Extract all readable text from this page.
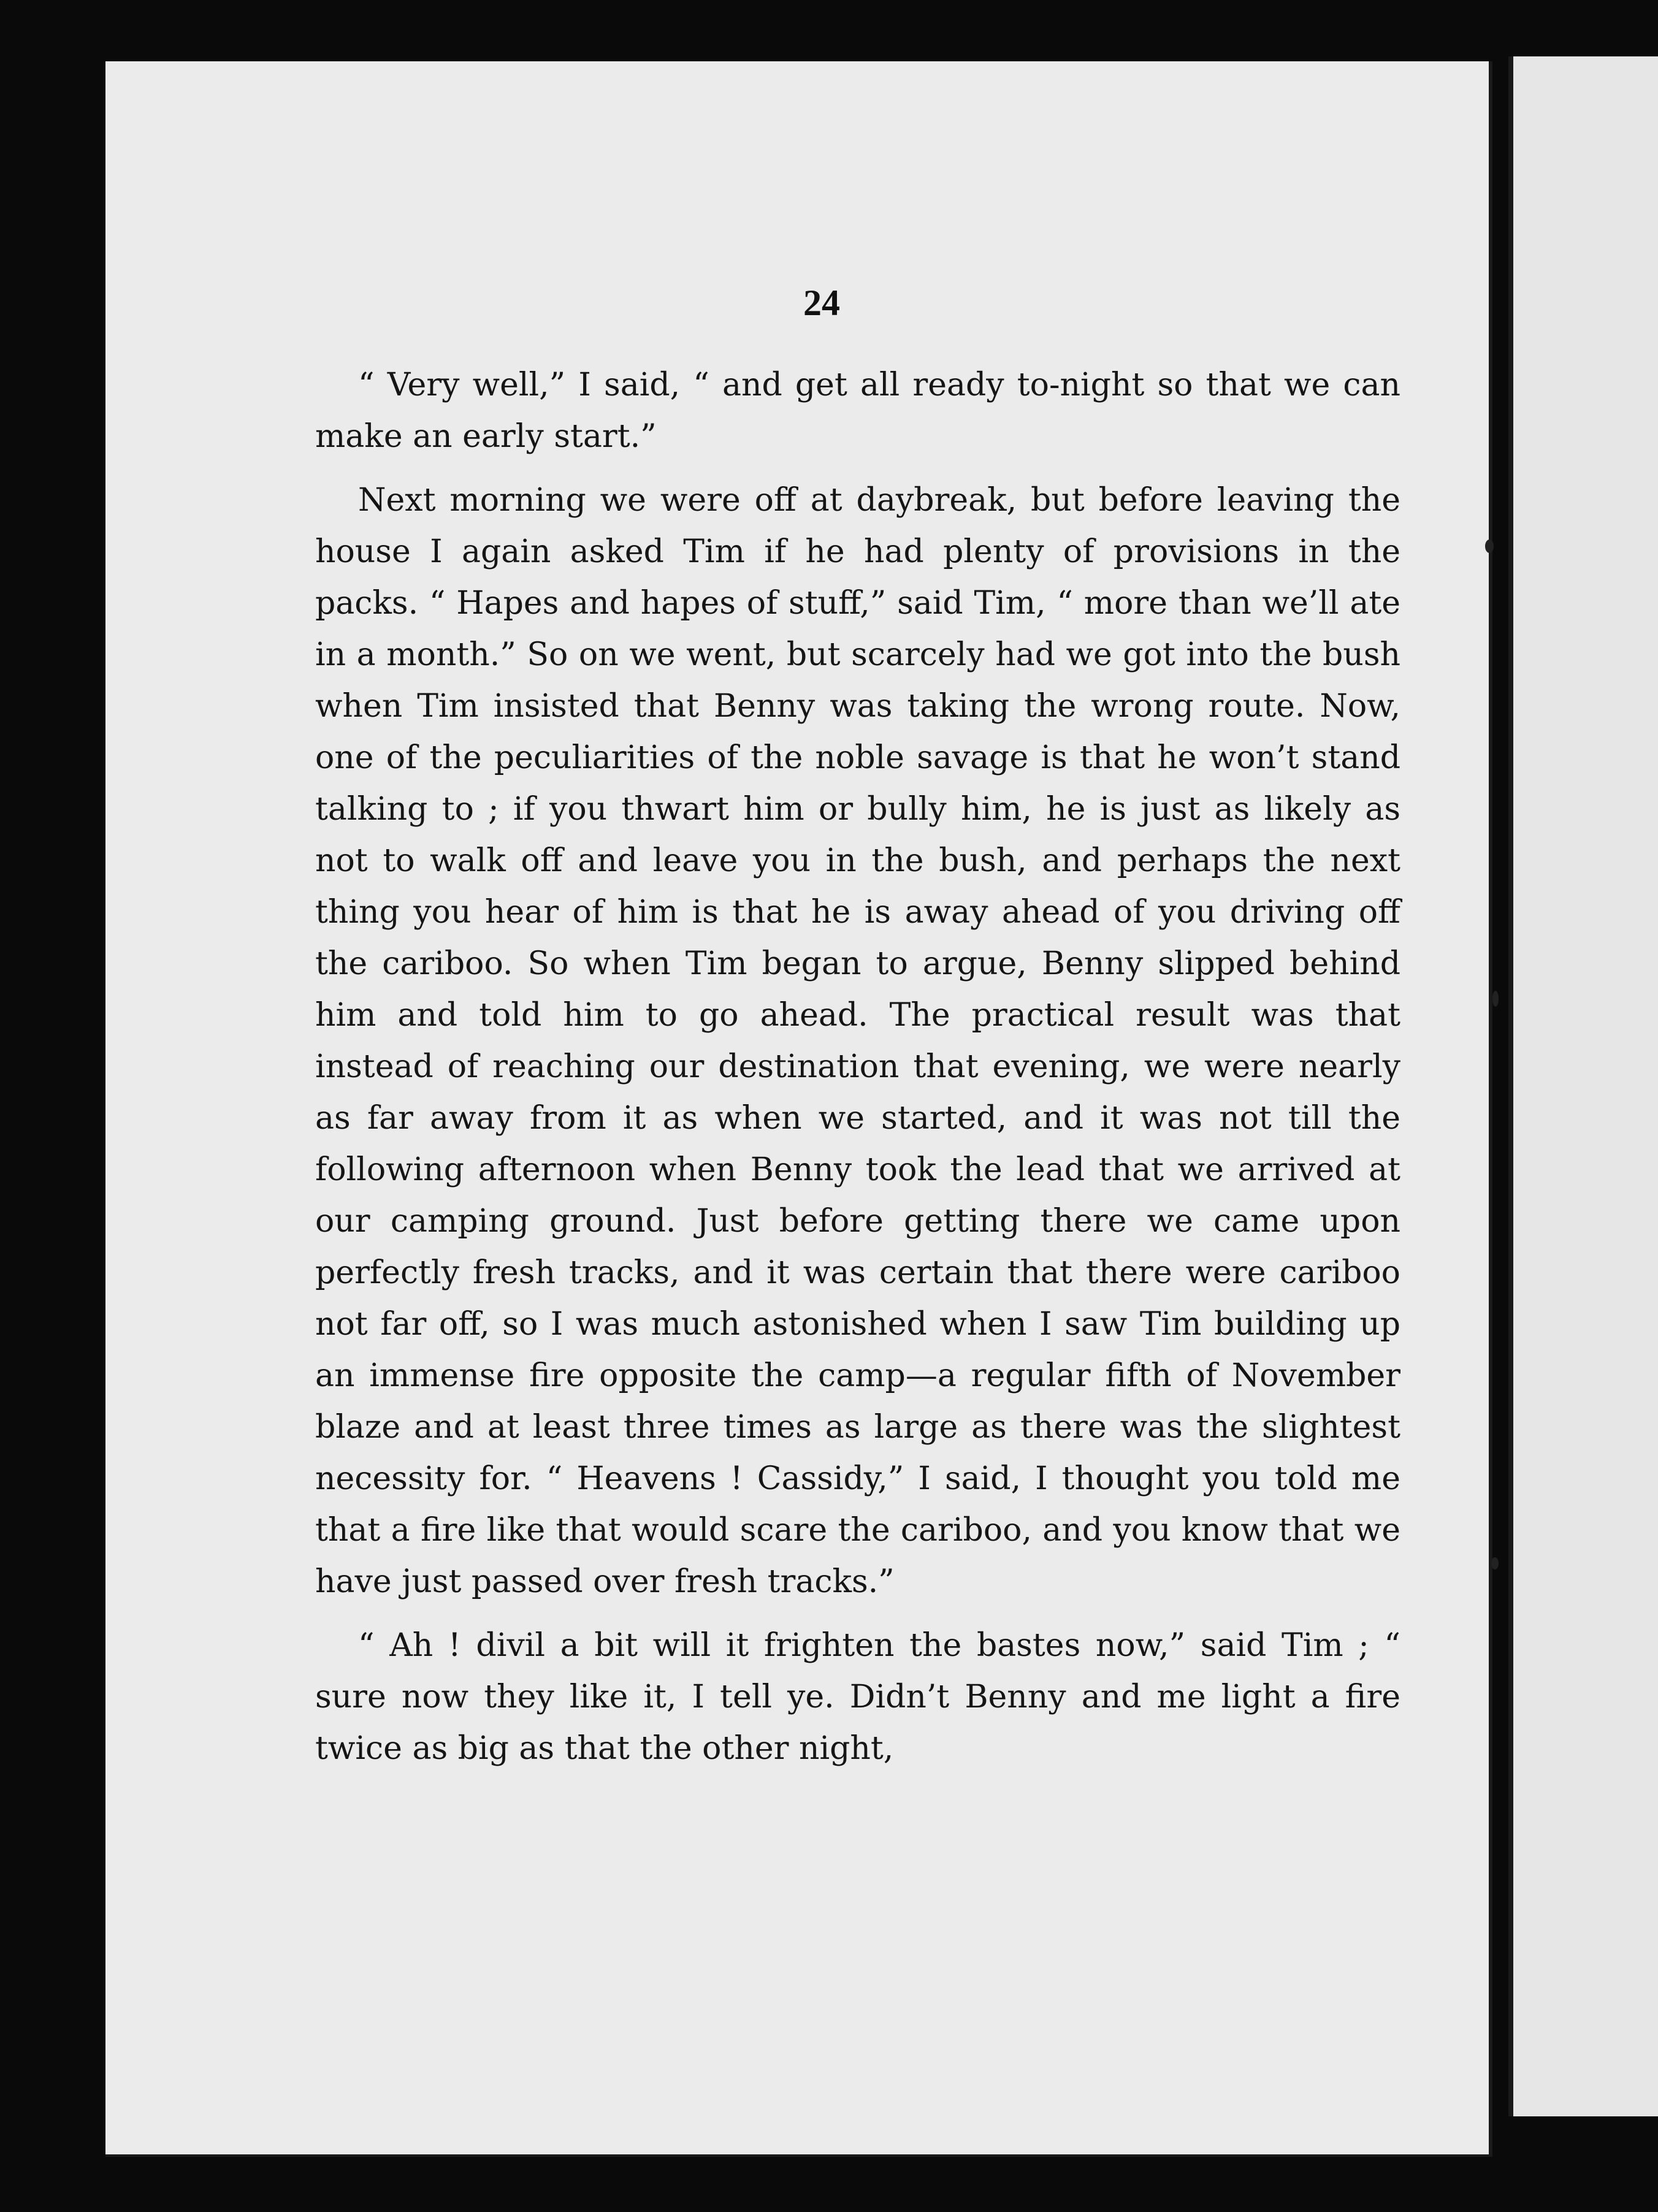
24

“ Very well,” I said, “ and get all ready to-night so that we can make an early start.”

Next morning we were off at daybreak, but before leaving the house I again asked Tim if he had plenty of provisions in the packs. “ Hapes and hapes of stuff,” said Tim, “ more than we’ll ate in a month.” So on we went, but scarcely had we got into the bush when Tim insisted that Benny was taking the wrong route. Now, one of the peculiarities of the noble savage is that he won’t stand talking to ; if you thwart him or bully him, he is just as likely as not to walk off and leave you in the bush, and perhaps the next thing you hear of him is that he is away ahead of you driving off the cariboo. So when Tim began to argue, Benny slipped behind him and told him to go ahead. The practical result was that instead of reaching our destination that evening, we were nearly as far away from it as when we started, and it was not till the following afternoon when Benny took the lead that we arrived at our camping ground. Just before getting there we came upon perfectly fresh tracks, and it was certain that there were cariboo not far off, so I was much astonished when I saw Tim building up an immense fire opposite the camp—a regular fifth of November blaze and at least three times as large as there was the slightest necessity for. “ Heavens ! Cassidy,” I said, I thought you told me that a fire like that would scare the cariboo, and you know that we have just passed over fresh tracks.”

“ Ah ! divil a bit will it frighten the bastes now,” said Tim ; “ sure now they like it, I tell ye. Didn’t Benny and me light a fire twice as big as that the other night,
